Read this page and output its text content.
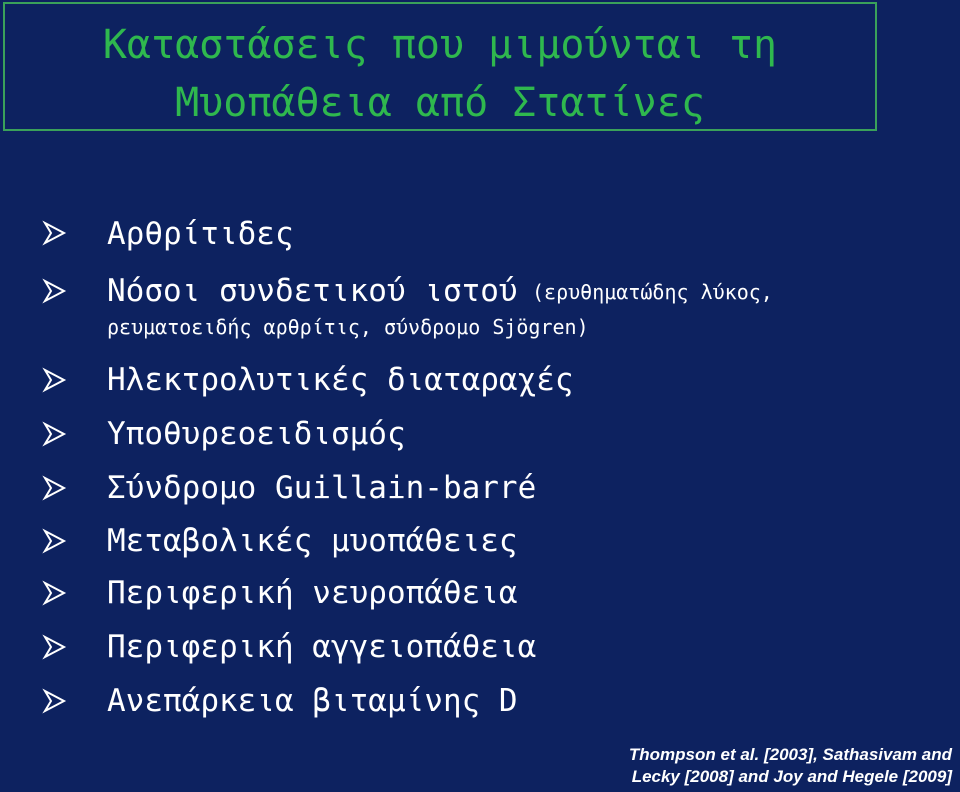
Καταστάσεις που μιμούνται τη
Μυοπάθεια από Στατίνες
Αρθρίτιδες
Νόσοι συνδετικού ιστού (ερυθηματώδης λύκος,
ρευματοειδής αρθρίτις, σύνδρομο Sjögren)
Ηλεκτρολυτικές διαταραχές
Υποθυρεοειδισμός
Σύνδρομο Guillain-barré
Μεταβολικές μυοπάθειες
Περιφερική νευροπάθεια
Περιφερική αγγειοπάθεια
Ανεπάρκεια βιταμίνης D
Thompson et al. [2003], Sathasivam and
Lecky [2008] and Joy and Hegele [2009]
